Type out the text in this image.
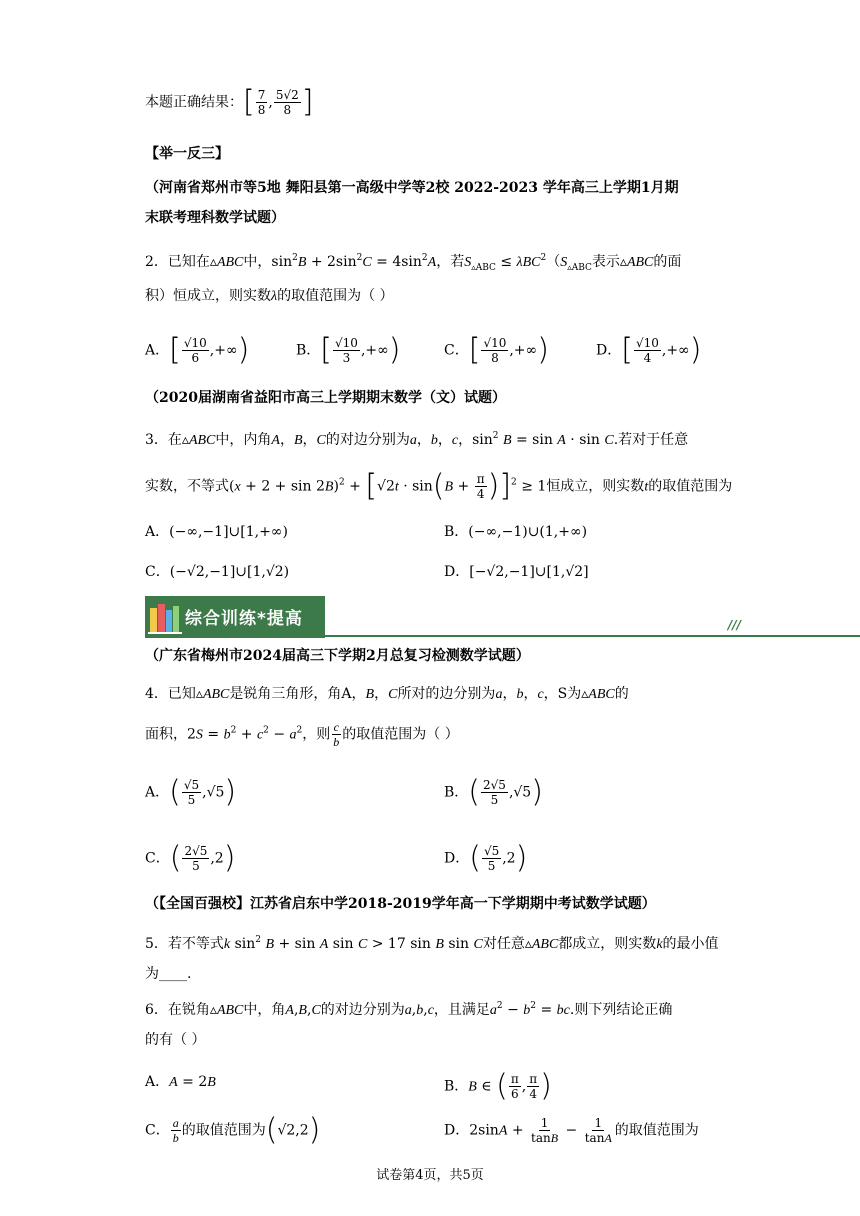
本题正确结果：[ $\frac{7}{8}$ , $\frac{5√2}{8}$ ]
【举一反三】
（河南省郑州市等5地 舞阳县第一高级中学等2校 2022-2023 学年高三上学期1月期
末联考理科数学试题）
2．已知在▵ABC中，$\sin^2B + 2\sin^2C = 4\sin^2A$，若$S_{▵ABC} \le \lambda BC^2(S_{▵ABC}$表示▵ABC的面
积）恒成立，则实数λ的取值范围为（ ）
A．[ $\frac{√10}{6}$ ,+∞)	B．[ $\frac{√10}{3}$ ,+∞)	C．[ $\frac{√10}{8}$ ,+∞)	D．[ $\frac{√10}{4}$ ,+∞)
（2020届湖南省益阳市高三上学期期末数学（文）试题）
3．在▵ABC中，内角A，B，C的对边分别为a，b，c，$\sin^2 B = \sin A \cdot \sin C$.若对于任意
实数，不等式$(x + 2 + \sin 2B)^2 + [√2t \cdot \sin(B + \frac{\pi}{4} )]^2 \ge 1$恒成立，则实数t的取值范围为
A．(−∞,−1]∪[1,+∞)	B．(−∞,−1)∪(1,+∞)
C．(−√2,−1]∪[1,√2)	D．[−√2,−1]∪[1,√2]
综合训练*提高	///
（广东省梅州市2024届高三下学期2月总复习检测数学试题）
4．已知▵ABC是锐角三角形，角A，B，C所对的边分别为a，b，c，S为▵ABC的
面积，$2S = b^2 + c^2 - a^2$，则 $\frac{c}{b}$ 的取值范围为（ ）
A．( $\frac{√5}{5} ,√5$)	B．( $\frac{2√5}{5} ,√5$)
C．( $\frac{2√5}{5} ,2$)	D．( $\frac{√5}{5} ,2$)
（【全国百强校】江苏省启东中学2018-2019学年高一下学期期中考试数学试题）
5．若不等式k $\sin^2 B + \sin A$ sin C > 17 sin B sin C对任意▵ABC都成立，则实数k的最小值
为____.
6．在锐角▵ABC中，角A,B,C的对边分别为a,b,c，且满足$a^2 - b^2$ = bc.则下列结论正确
的有（ ）
A．A = 2B	B．B ∈ ( $\frac{\pi}{6}$ , $\frac{\pi}{4}$ )
C． $\frac{a}{b}$ 的取值范围为(√2,2)	D．$2\sin A + \frac{1}{\tan B} - \frac{1}{\tan A}$ 的取值范围为
试卷第4页，共5页
